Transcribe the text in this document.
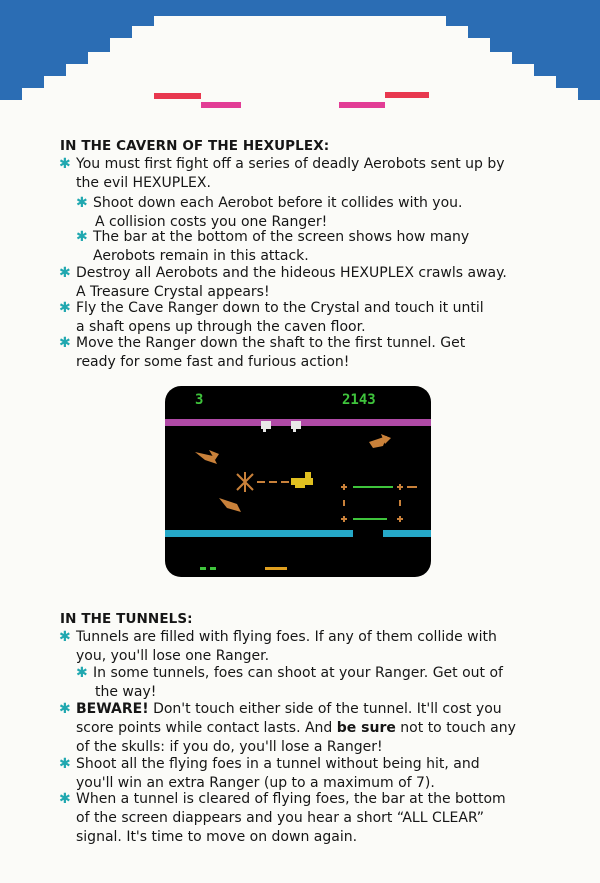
IN THE CAVERN OF THE HEXUPLEX:
✱ You must first fight off a series of deadly Aerobots sent up by
the evil HEXUPLEX.
✱ Shoot down each Aerobot before it collides with you.
A collision costs you one Ranger!
✱ The bar at the bottom of the screen shows how many
Aerobots remain in this attack.
✱ Destroy all Aerobots and the hideous HEXUPLEX crawls away.
A Treasure Crystal appears!
✱ Fly the Cave Ranger down to the Crystal and touch it until
a shaft opens up through the caven floor.
✱ Move the Ranger down the shaft to the first tunnel. Get
ready for some fast and furious action!
3	2143
IN THE TUNNELS:
✱ Tunnels are filled with flying foes. If any of them collide with
you, you'll lose one Ranger.
✱ In some tunnels, foes can shoot at your Ranger. Get out of
the way!
✱ BEWARE! Don't touch either side of the tunnel. It'll cost you
score points while contact lasts. And be sure not to touch any
of the skulls: if you do, you'll lose a Ranger!
✱ Shoot all the flying foes in a tunnel without being hit, and
you'll win an extra Ranger (up to a maximum of 7).
✱ When a tunnel is cleared of flying foes, the bar at the bottom
of the screen diappears and you hear a short “ALL CLEAR”
signal. It's time to move on down again.
